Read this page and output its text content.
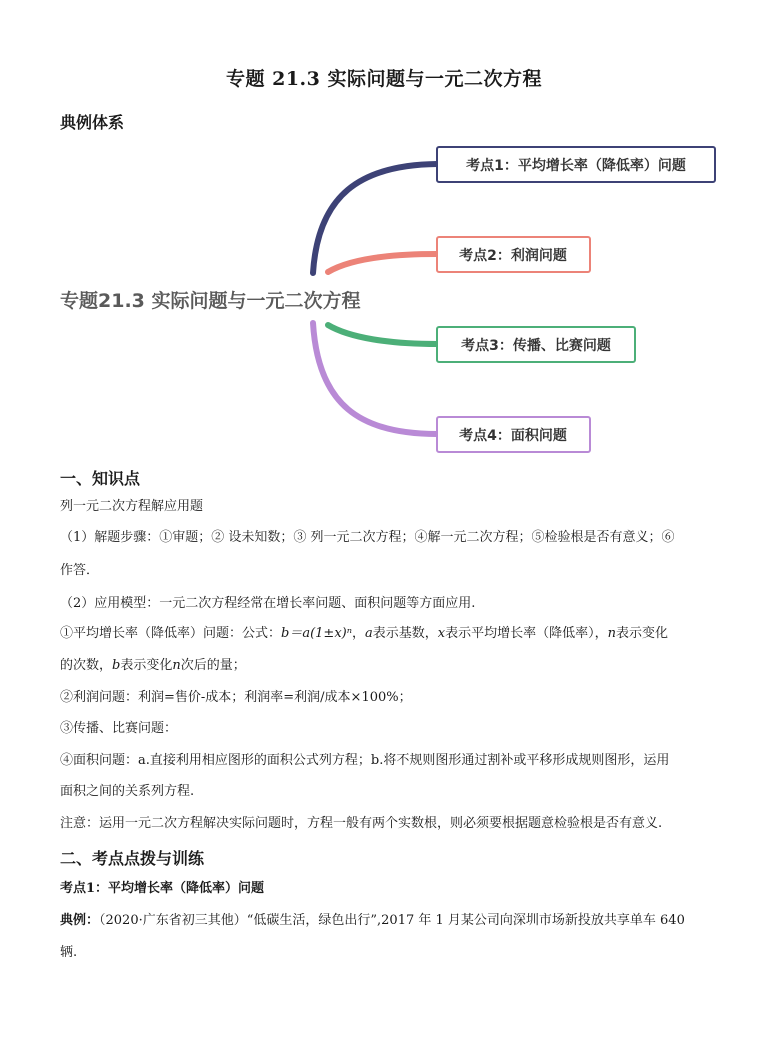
专题 21.3 实际问题与一元二次方程
典例体系
专题21.3 实际问题与一元二次方程
考点1：平均增长率（降低率）问题
考点2：利润问题
考点3：传播、比赛问题
考点4：面积问题
一、知识点
列一元二次方程解应用题
（1）解题步骤：①审题；② 设未知数；③ 列一元二次方程；④解一元二次方程；⑤检验根是否有意义；⑥
作答．
（2）应用模型：一元二次方程经常在增长率问题、面积问题等方面应用.
①平均增长率（降低率）问题：公式：b＝a(1±x)ⁿ，a表示基数，x表示平均增长率（降低率），n表示变化
的次数，b表示变化n次后的量；
②利润问题：利润=售价-成本；利润率=利润/成本×100%；
③传播、比赛问题：
④面积问题：a.直接利用相应图形的面积公式列方程；b.将不规则图形通过割补或平移形成规则图形，运用
面积之间的关系列方程.
注意：运用一元二次方程解决实际问题时，方程一般有两个实数根，则必须要根据题意检验根是否有意义.
二、考点点拨与训练
考点1：平均增长率（降低率）问题
典例：（2020·广东省初三其他）“低碳生活，绿色出行”,2017 年 1 月某公司向深圳市场新投放共享单车 640
辆.
